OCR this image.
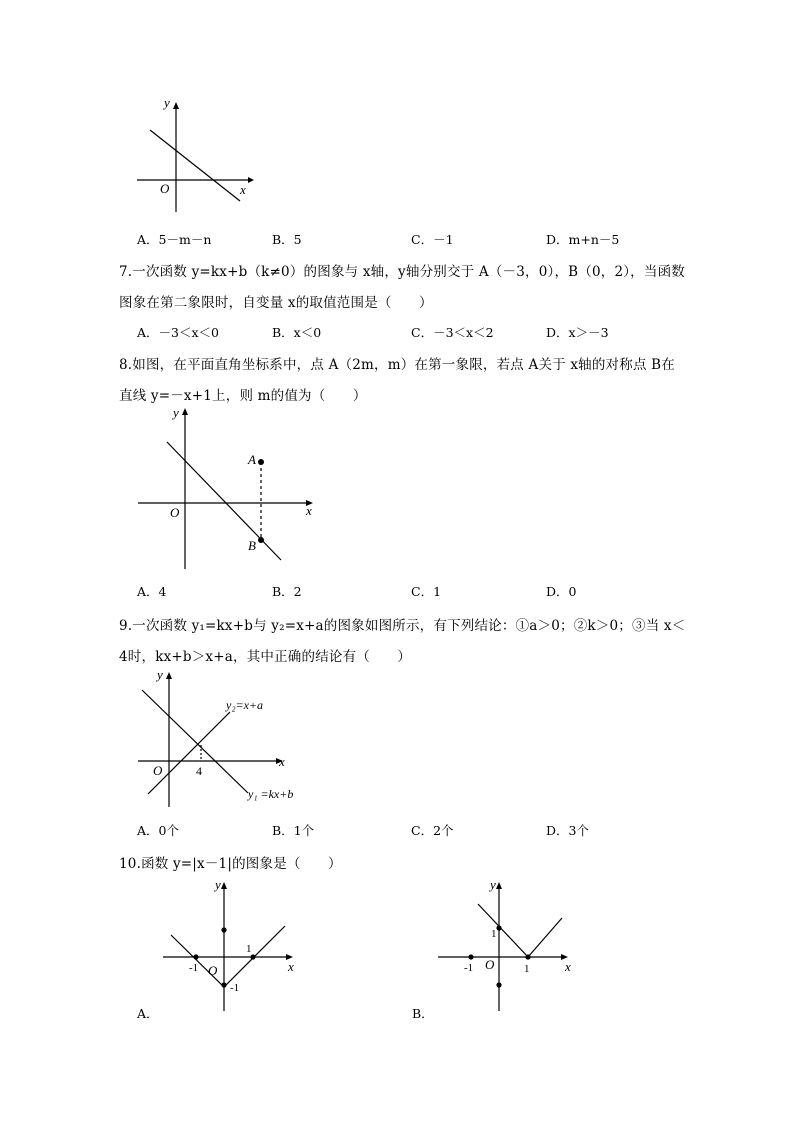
y
x
O
A．5－m－n	B．5	C．－1	D．m+n－5
7.一次函数 y=kx+b（k≠0）的图象与 x轴，y轴分别交于 A（－3，0），B（0，2），当函数
图象在第二象限时，自变量 x的取值范围是（　　）
A．－3＜x＜0	B．x＜0	C．－3＜x＜2	D．x＞－3
8.如图，在平面直角坐标系中，点 A（2m，m）在第一象限，若点 A关于 x轴的对称点 B在
直线 y=－x+1上，则 m的值为（　　）
y
x
O
A
B
A．4	B．2	C．1	D．0
9.一次函数 y₁=kx+b与 y₂=x+a的图象如图所示，有下列结论：①a＞0；②k＞0；③当 x＜
4时，kx+b＞x+a，其中正确的结论有（　　）
y
x
O	4
y₂=x+a
y₁ =kx+b
A．0个	B．1个	C．2个	D．3个
10.函数 y=|x－1|的图象是（　　）
y
x
O
-1
1
-1
A．
y
x
O
-1	1
1
B．
